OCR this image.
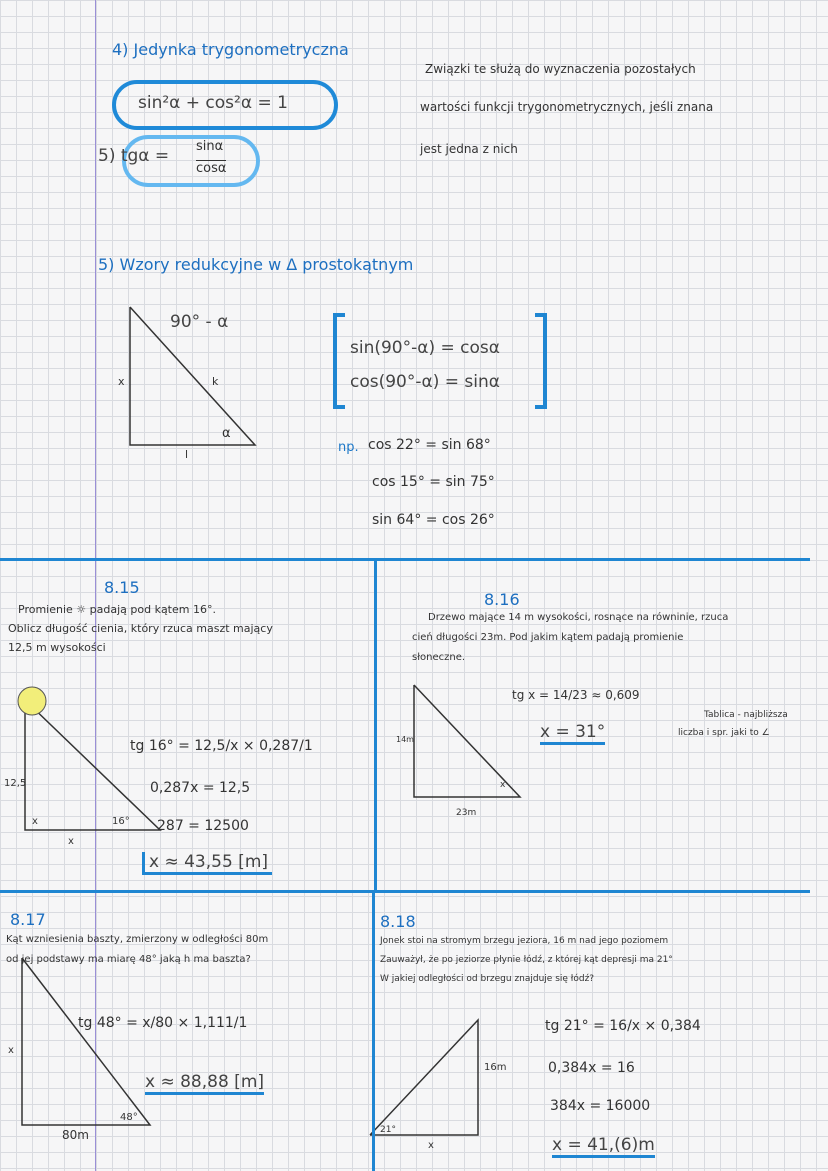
4) Jedynka trygonometryczna
sin²α + cos²α = 1
5) tgα = sinα
cosα
Związki te służą do wyznaczenia pozostałych
wartości funkcji trygonometrycznych, jeśli znana
jest jedna z nich
5) Wzory redukcyjne w Δ prostokątnym
90° - α
x	k
α
l
sin(90°-α) = cosα
cos(90°-α) = sinα
np. cos 22° = sin 68°
cos 15° = sin 75°
sin 64° = cos 26°
8.15
Promienie ☼ padają pod kątem 16°.
Oblicz długość cienia, który rzuca maszt mający
12,5 m wysokości
12,5
x	16°
x
tg 16° = 12,5/x ⨯ 0,287/1
0,287x = 12,5
287 = 12500
x ≈ 43,55 [m]
8.16
Drzewo mające 14 m wysokości, rosnące na równinie, rzuca
cień długości 23m. Pod jakim kątem padają promienie
słoneczne.
14m
x
23m
tg x = 14/23 ≈ 0,609
x = 31°
Tablica - najbliższa
liczba i spr. jaki to ∠
8.17
Kąt wzniesienia baszty, zmierzony w odległości 80m
od jej podstawy ma miarę 48° jaką h ma baszta?
x
48°
80m
tg 48° = x/80 ⨯ 1,111/1
x ≈ 88,88 [m]
8.18
Jonek stoi na stromym brzegu jeziora, 16 m nad jego poziomem
Zauważył, że po jeziorze płynie łódź, z której kąt depresji ma 21°
W jakiej odległości od brzegu znajduje się łódź?
16m
21°
x
tg 21° = 16/x ⨯ 0,384
0,384x = 16
384x = 16000
x = 41,(6)m
